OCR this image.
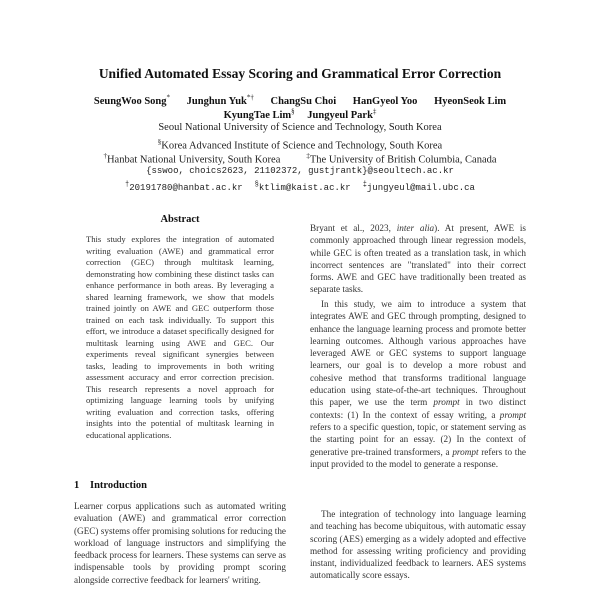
Unified Automated Essay Scoring and Grammatical Error Correction
SeungWoo Song* Junghun Yuk*† ChangSu Choi HanGyeol Yoo HyeonSeok Lim
KyungTae Lim§ Jungyeul Park‡
Seoul National University of Science and Technology, South Korea
§Korea Advanced Institute of Science and Technology, South Korea
†Hanbat National University, South Korea	‡The University of British Columbia, Canada
{sswoo, choics2623, 21102372, gustjrantk}@seoultech.ac.kr
†20191780@hanbat.ac.kr §ktlim@kaist.ac.kr ‡jungyeul@mail.ubc.ca
Abstract

This study explores the integration of automated writing evaluation (AWE) and grammatical error correction (GEC) through multitask learning, demonstrating how combining these distinct tasks can enhance performance in both areas. By leveraging a shared learning framework, we show that models trained jointly on AWE and GEC outperform those trained on each task individually. To support this effort, we introduce a dataset specifically designed for multitask learning using AWE and GEC. Our experiments reveal significant synergies between tasks, leading to improvements in both writing assessment accuracy and error correction precision. This research represents a novel approach for optimizing language learning tools by unifying writing evaluation and correction tasks, offering insights into the potential of multitask learning in educational applications.

1 Introduction

Learner corpus applications such as automated writing evaluation (AWE) and grammatical error correction (GEC) systems offer promising solutions for reducing the workload of language instructors and simplifying the feedback process for learners. These systems can serve as indispensable tools by providing prompt scoring alongside corrective feedback for learners' writing.

Bryant et al., 2023, inter alia). At present, AWE is commonly approached through linear regression models, while GEC is often treated as a translation task, in which incorrect sentences are "translated" into their correct forms. AWE and GEC have traditionally been treated as separate tasks.

In this study, we aim to introduce a system that integrates AWE and GEC through prompting, designed to enhance the language learning process and promote better learning outcomes. Although various approaches have leveraged AWE or GEC systems to support language learners, our goal is to develop a more robust and cohesive method that transforms traditional language education using state-of-the-art techniques. Throughout this paper, we use the term prompt in two distinct contexts: (1) In the context of essay writing, a prompt refers to a specific question, topic, or statement serving as the starting point for an essay. (2) In the context of generative pre-trained transformers, a prompt refers to the input provided to the model to generate a response.

The integration of technology into language learning and teaching has become ubiquitous, with automatic essay scoring (AES) emerging as a widely adopted and effective method for assessing writing proficiency and providing instant, individualized feedback to learners. AES systems automatically score essays.
